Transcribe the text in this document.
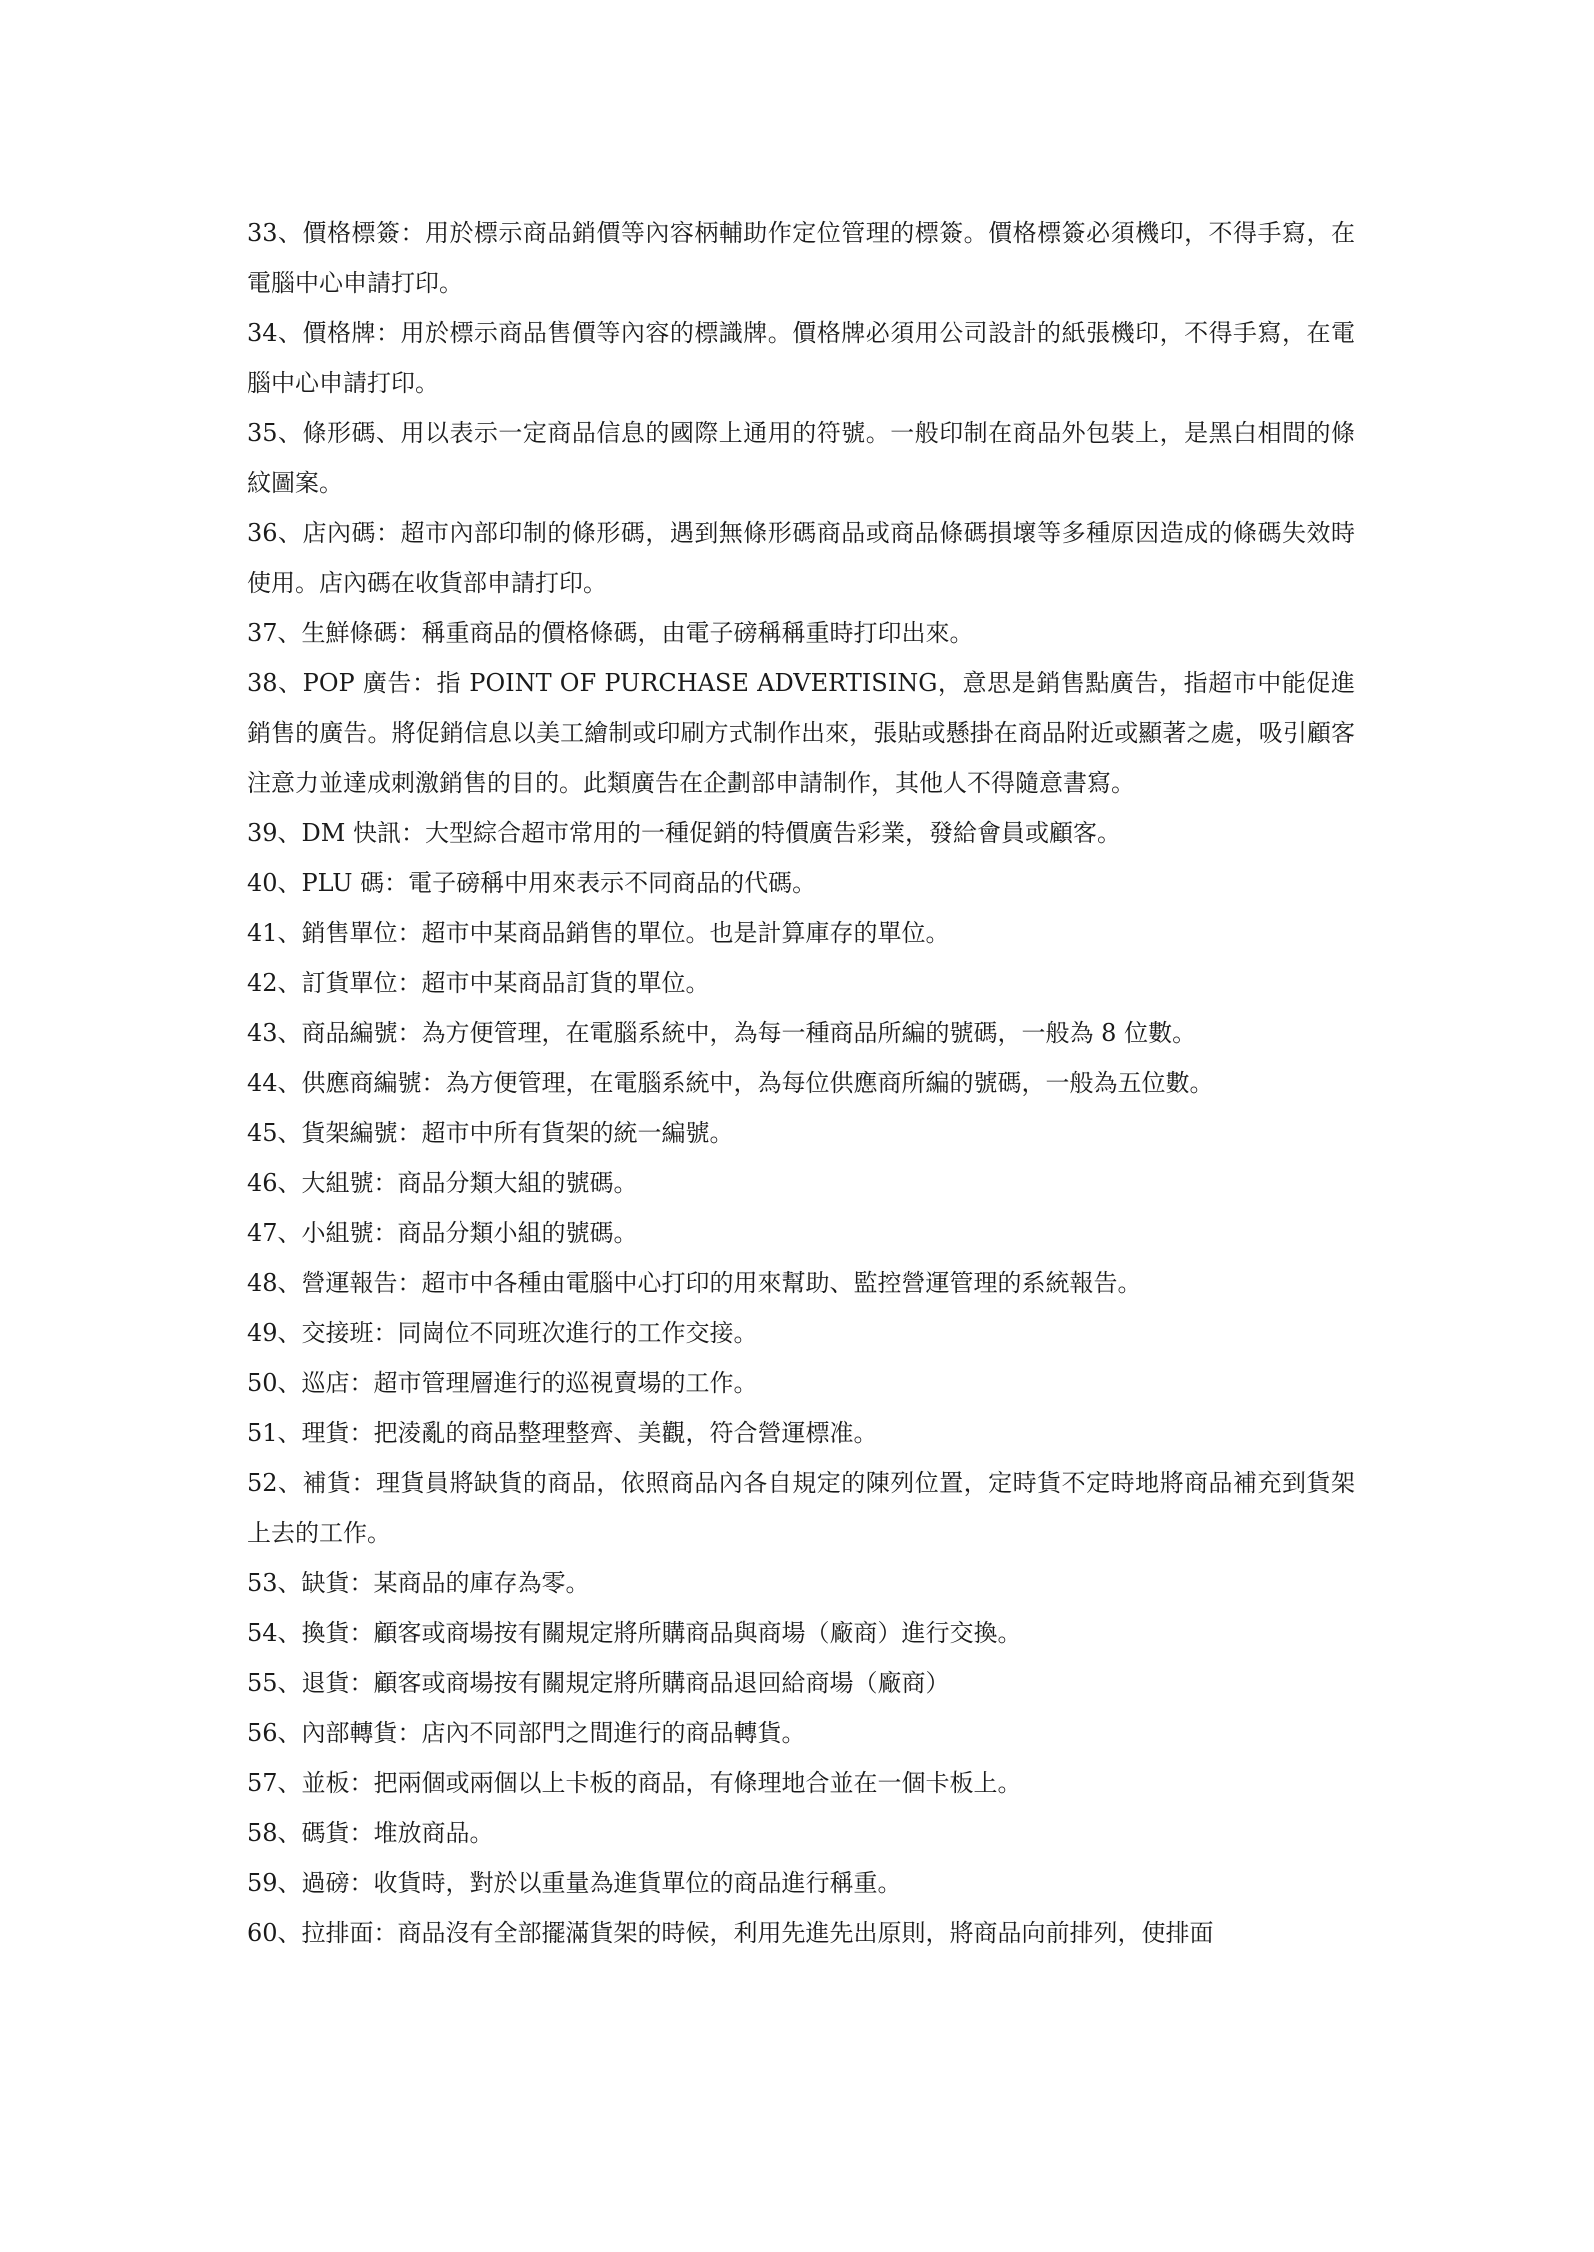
33、價格標簽：用於標示商品銷價等內容柄輔助作定位管理的標簽。價格標簽必須機印，不得手寫，在電腦中心申請打印。

34、價格牌：用於標示商品售價等內容的標識牌。價格牌必須用公司設計的紙張機印，不得手寫，在電腦中心申請打印。

35、條形碼、用以表示一定商品信息的國際上通用的符號。一般印制在商品外包裝上，是黑白相間的條紋圖案。

36、店內碼：超市內部印制的條形碼，遇到無條形碼商品或商品條碼損壞等多種原因造成的條碼失效時使用。店內碼在收貨部申請打印。

37、生鮮條碼：稱重商品的價格條碼，由電子磅稱稱重時打印出來。

38、POP 廣告：指 POINT OF PURCHASE ADVERTISING，意思是銷售點廣告，指超市中能促進銷售的廣告。將促銷信息以美工繪制或印刷方式制作出來，張貼或懸掛在商品附近或顯著之處，吸引顧客注意力並達成刺激銷售的目的。此類廣告在企劃部申請制作，其他人不得隨意書寫。

39、DM 快訊：大型綜合超市常用的一種促銷的特價廣告彩業，發給會員或顧客。

40、PLU 碼：電子磅稱中用來表示不同商品的代碼。

41、銷售單位：超市中某商品銷售的單位。也是計算庫存的單位。

42、訂貨單位：超市中某商品訂貨的單位。

43、商品編號：為方便管理，在電腦系統中，為每一種商品所編的號碼，一般為 8 位數。

44、供應商編號：為方便管理，在電腦系統中，為每位供應商所編的號碼，一般為五位數。

45、貨架編號：超市中所有貨架的統一編號。

46、大組號：商品分類大組的號碼。

47、小組號：商品分類小組的號碼。

48、營運報告：超市中各種由電腦中心打印的用來幫助、監控營運管理的系統報告。

49、交接班：同崗位不同班次進行的工作交接。

50、巡店：超市管理層進行的巡視賣場的工作。

51、理貨：把淩亂的商品整理整齊、美觀，符合營運標准。

52、補貨：理貨員將缺貨的商品，依照商品內各自規定的陳列位置，定時貨不定時地將商品補充到貨架上去的工作。

53、缺貨：某商品的庫存為零。

54、換貨：顧客或商場按有關規定將所購商品與商場（廠商）進行交換。

55、退貨：顧客或商場按有關規定將所購商品退回給商場（廠商）

56、內部轉貨：店內不同部門之間進行的商品轉貨。

57、並板：把兩個或兩個以上卡板的商品，有條理地合並在一個卡板上。

58、碼貨：堆放商品。

59、過磅：收貨時，對於以重量為進貨單位的商品進行稱重。

60、拉排面：商品沒有全部擺滿貨架的時候，利用先進先出原則，將商品向前排列，使排面
